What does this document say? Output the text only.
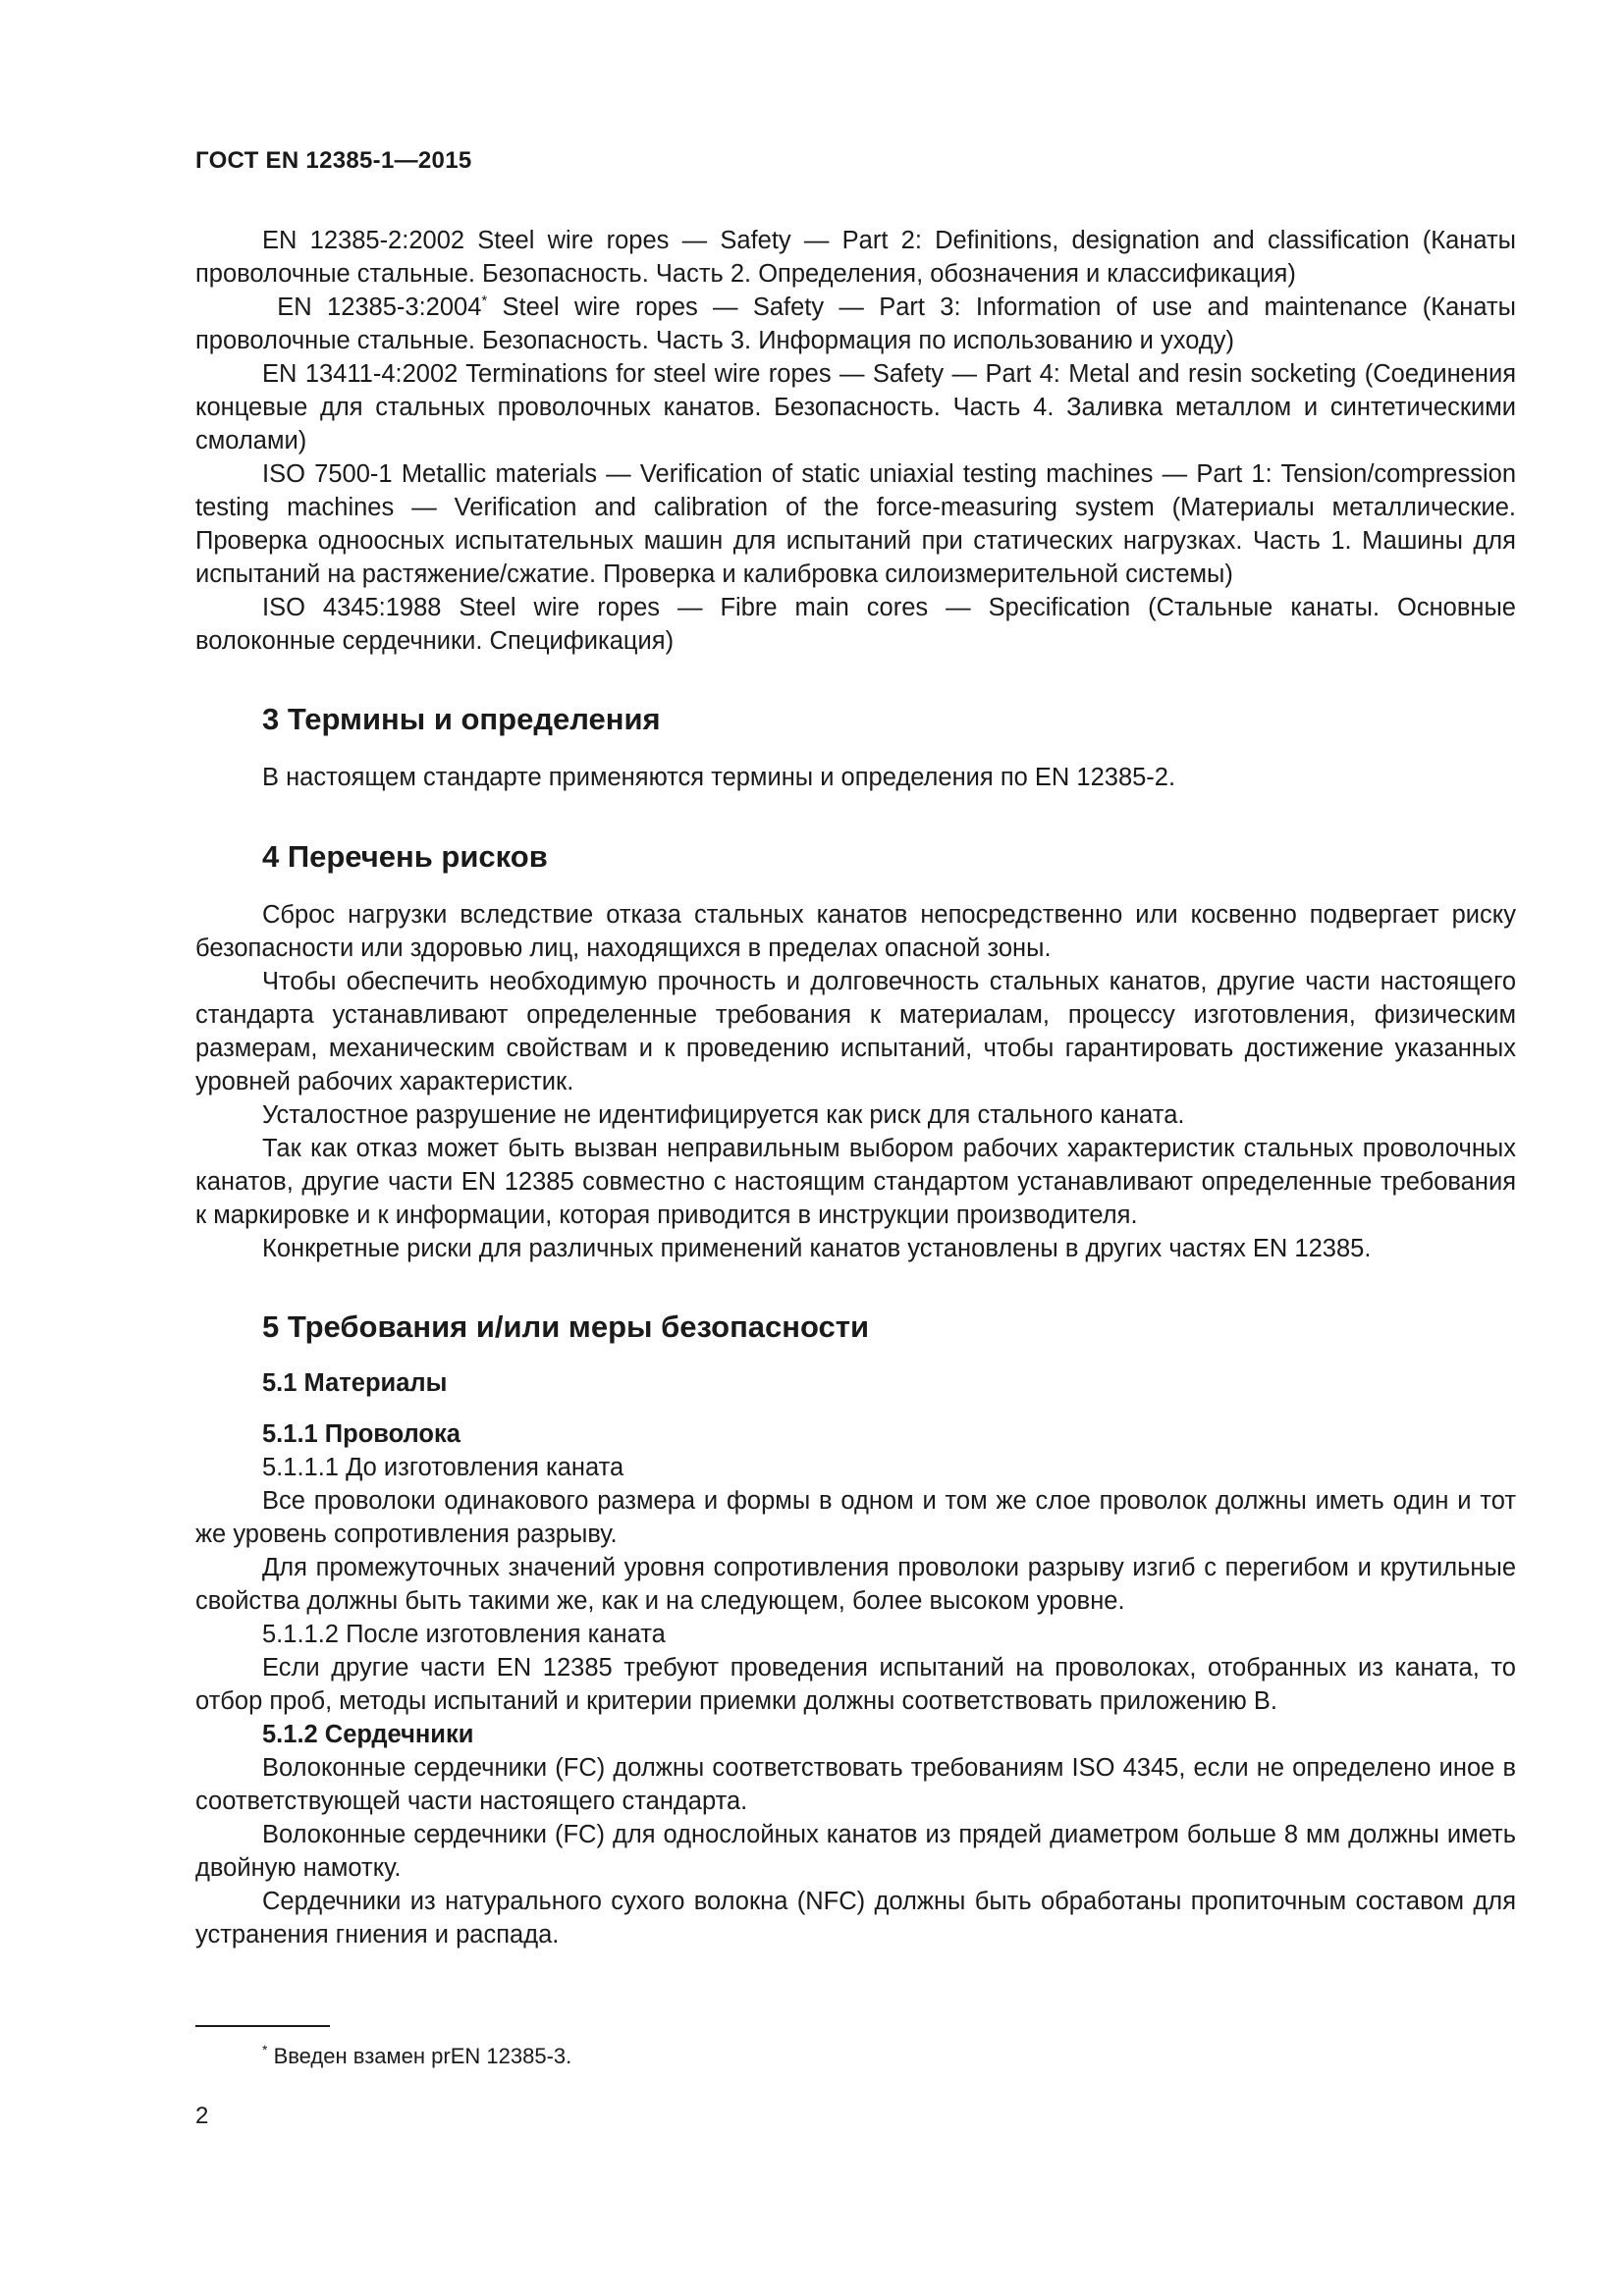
ГОСТ EN 12385-1—2015

EN 12385-2:2002 Steel wire ropes — Safety — Part 2: Definitions, designation and classification (Канаты проволочные стальные. Безопасность. Часть 2. Определения, обозначения и классификация)

EN 12385-3:2004* Steel wire ropes — Safety — Part 3: Information of use and maintenance (Канаты проволочные стальные. Безопасность. Часть 3. Информация по использованию и уходу)

EN 13411-4:2002 Terminations for steel wire ropes — Safety — Part 4: Metal and resin socketing (Соединения концевые для стальных проволочных канатов. Безопасность. Часть 4. Заливка металлом и синтетическими смолами)

ISO 7500-1 Metallic materials — Verification of static uniaxial testing machines — Part 1: Tension/compression testing machines — Verification and calibration of the force-measuring system (Материалы металлические. Проверка одноосных испытательных машин для испытаний при статических нагрузках. Часть 1. Машины для испытаний на растяжение/сжатие. Проверка и калибровка силоизмерительной системы)

ISO 4345:1988 Steel wire ropes — Fibre main cores — Specification (Стальные канаты. Основные волоконные сердечники. Спецификация)

3 Термины и определения

В настоящем стандарте применяются термины и определения по EN 12385-2.

4 Перечень рисков

Сброс нагрузки вследствие отказа стальных канатов непосредственно или косвенно подвергает риску безопасности или здоровью лиц, находящихся в пределах опасной зоны.

Чтобы обеспечить необходимую прочность и долговечность стальных канатов, другие части настоящего стандарта устанавливают определенные требования к материалам, процессу изготовления, физическим размерам, механическим свойствам и к проведению испытаний, чтобы гарантировать достижение указанных уровней рабочих характеристик.

Усталостное разрушение не идентифицируется как риск для стального каната.

Так как отказ может быть вызван неправильным выбором рабочих характеристик стальных проволочных канатов, другие части EN 12385 совместно с настоящим стандартом устанавливают определенные требования к маркировке и к информации, которая приводится в инструкции производителя.

Конкретные риски для различных применений канатов установлены в других частях EN 12385.

5 Требования и/или меры безопасности
5.1 Материалы
5.1.1 Проволока
5.1.1.1 До изготовления каната

Все проволоки одинакового размера и формы в одном и том же слое проволок должны иметь один и тот же уровень сопротивления разрыву.

Для промежуточных значений уровня сопротивления проволоки разрыву изгиб с перегибом и крутильные свойства должны быть такими же, как и на следующем, более высоком уровне.

5.1.1.2 После изготовления каната

Если другие части EN 12385 требуют проведения испытаний на проволоках, отобранных из каната, то отбор проб, методы испытаний и критерии приемки должны соответствовать приложению В.

5.1.2 Сердечники

Волоконные сердечники (FC) должны соответствовать требованиям ISO 4345, если не определено иное в соответствующей части настоящего стандарта.

Волоконные сердечники (FC) для однослойных канатов из прядей диаметром больше 8 мм должны иметь двойную намотку.

Сердечники из натурального сухого волокна (NFC) должны быть обработаны пропиточным составом для устранения гниения и распада.

* Введен взамен prEN 12385-3.
2
